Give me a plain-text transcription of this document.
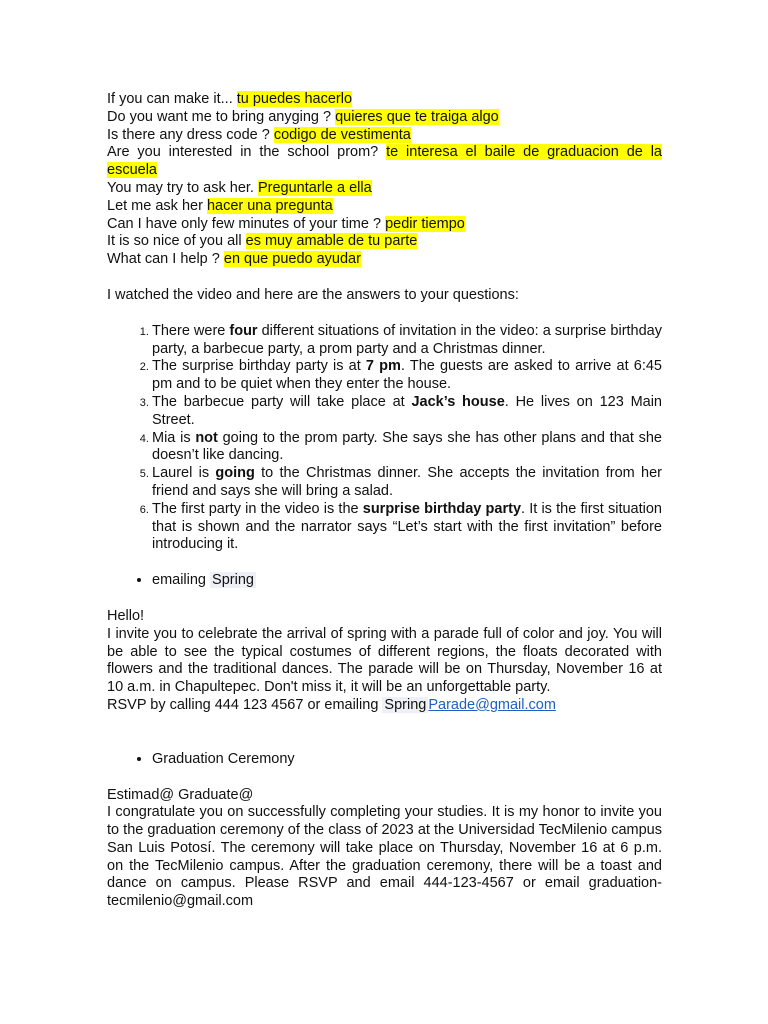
If you can make it... tu puedes hacerlo
Do you want me to bring anyging ? quieres que te traiga algo
Is there any dress code ? codigo de vestimenta
Are you interested in the school prom? te interesa el baile de graduacion de la escuela
You may try to ask her. Preguntarle a ella
Let me ask her hacer una pregunta
Can I have only few minutes of your time ? pedir tiempo
It is so nice of you all es muy amable de tu parte
What can I help ? en que puedo ayudar

I watched the video and here are the answers to your questions:

1. There were four different situations of invitation in the video: a surprise birthday party, a barbecue party, a prom party and a Christmas dinner.
2. The surprise birthday party is at 7 pm. The guests are asked to arrive at 6:45 pm and to be quiet when they enter the house.
3. The barbecue party will take place at Jack’s house. He lives on 123 Main Street.
4. Mia is not going to the prom party. She says she has other plans and that she doesn’t like dancing.
5. Laurel is going to the Christmas dinner. She accepts the invitation from her friend and says she will bring a salad.
6. The first party in the video is the surprise birthday party. It is the first situation that is shown and the narrator says “Let’s start with the first invitation” before introducing it.
• emailing Spring

Hello!

I invite you to celebrate the arrival of spring with a parade full of color and joy. You will be able to see the typical costumes of different regions, the floats decorated with flowers and the traditional dances. The parade will be on Thursday, November 16 at 10 a.m. in Chapultepec. Don't miss it, it will be an unforgettable party.

RSVP by calling 444 123 4567 or emailing Spring Parade@gmail.com

• Graduation Ceremony

Estimad@ Graduate@

I congratulate you on successfully completing your studies. It is my honor to invite you to the graduation ceremony of the class of 2023 at the Universidad TecMilenio campus San Luis Potosí. The ceremony will take place on Thursday, November 16 at 6 p.m. on the TecMilenio campus. After the graduation ceremony, there will be a toast and dance on campus. Please RSVP and email 444-123-4567 or email graduation-tecmilenio@gmail.com
